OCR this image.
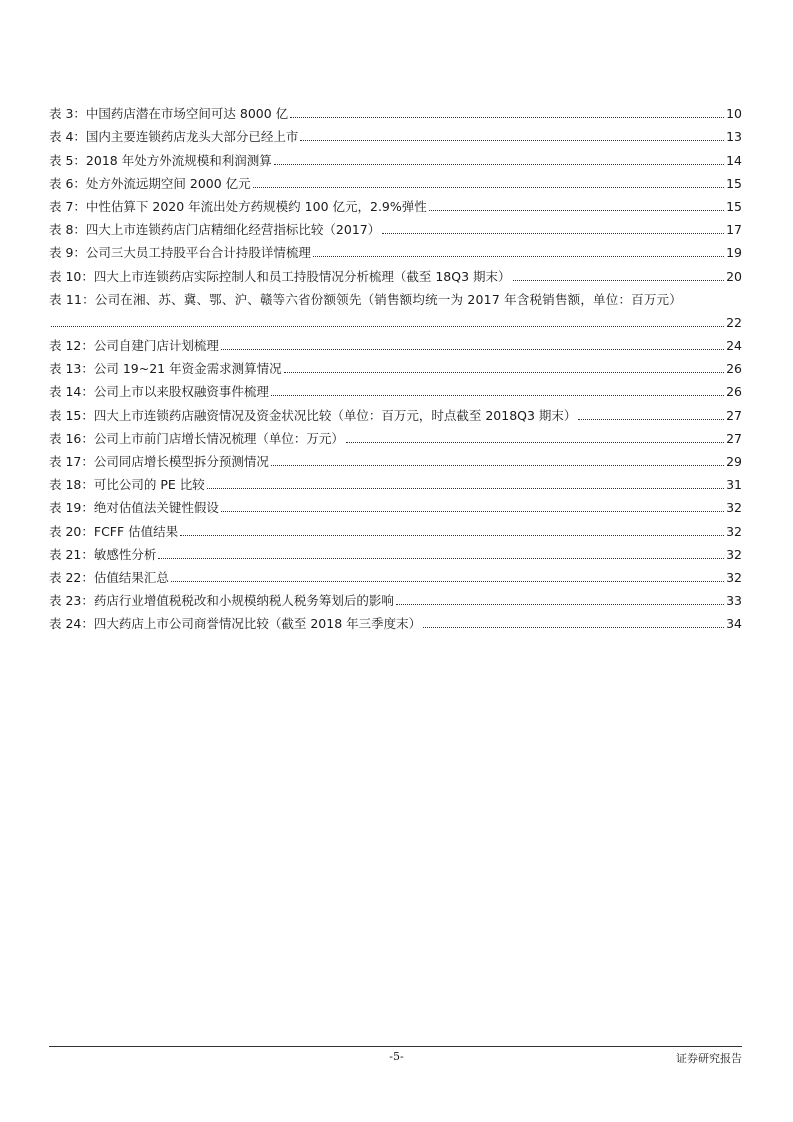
表 3：中国药店潜在市场空间可达 8000 亿	10
表 4：国内主要连锁药店龙头大部分已经上市	13
表 5：2018 年处方外流规模和利润测算	14
表 6：处方外流远期空间 2000 亿元	15
表 7：中性估算下 2020 年流出处方药规模约 100 亿元，2.9%弹性	15
表 8：四大上市连锁药店门店精细化经营指标比较（2017）	17
表 9：公司三大员工持股平台合计持股详情梳理	19
表 10：四大上市连锁药店实际控制人和员工持股情况分析梳理（截至 18Q3 期末）	20
表 11：公司在湘、苏、冀、鄂、沪、赣等六省份额领先（销售额均统一为 2017 年含税销售额，单位：百万元）
22
表 12：公司自建门店计划梳理	24
表 13：公司 19~21 年资金需求测算情况	26
表 14：公司上市以来股权融资事件梳理	26
表 15：四大上市连锁药店融资情况及资金状况比较（单位：百万元，时点截至 2018Q3 期末）	27
表 16：公司上市前门店增长情况梳理（单位：万元）	27
表 17：公司同店增长模型拆分预测情况	29
表 18：可比公司的 PE 比较	31
表 19：绝对估值法关键性假设	32
表 20：FCFF 估值结果	32
表 21：敏感性分析	32
表 22：估值结果汇总	32
表 23：药店行业增值税税改和小规模纳税人税务筹划后的影响	33
表 24：四大药店上市公司商誉情况比较（截至 2018 年三季度末）	34
-5-	证券研究报告
